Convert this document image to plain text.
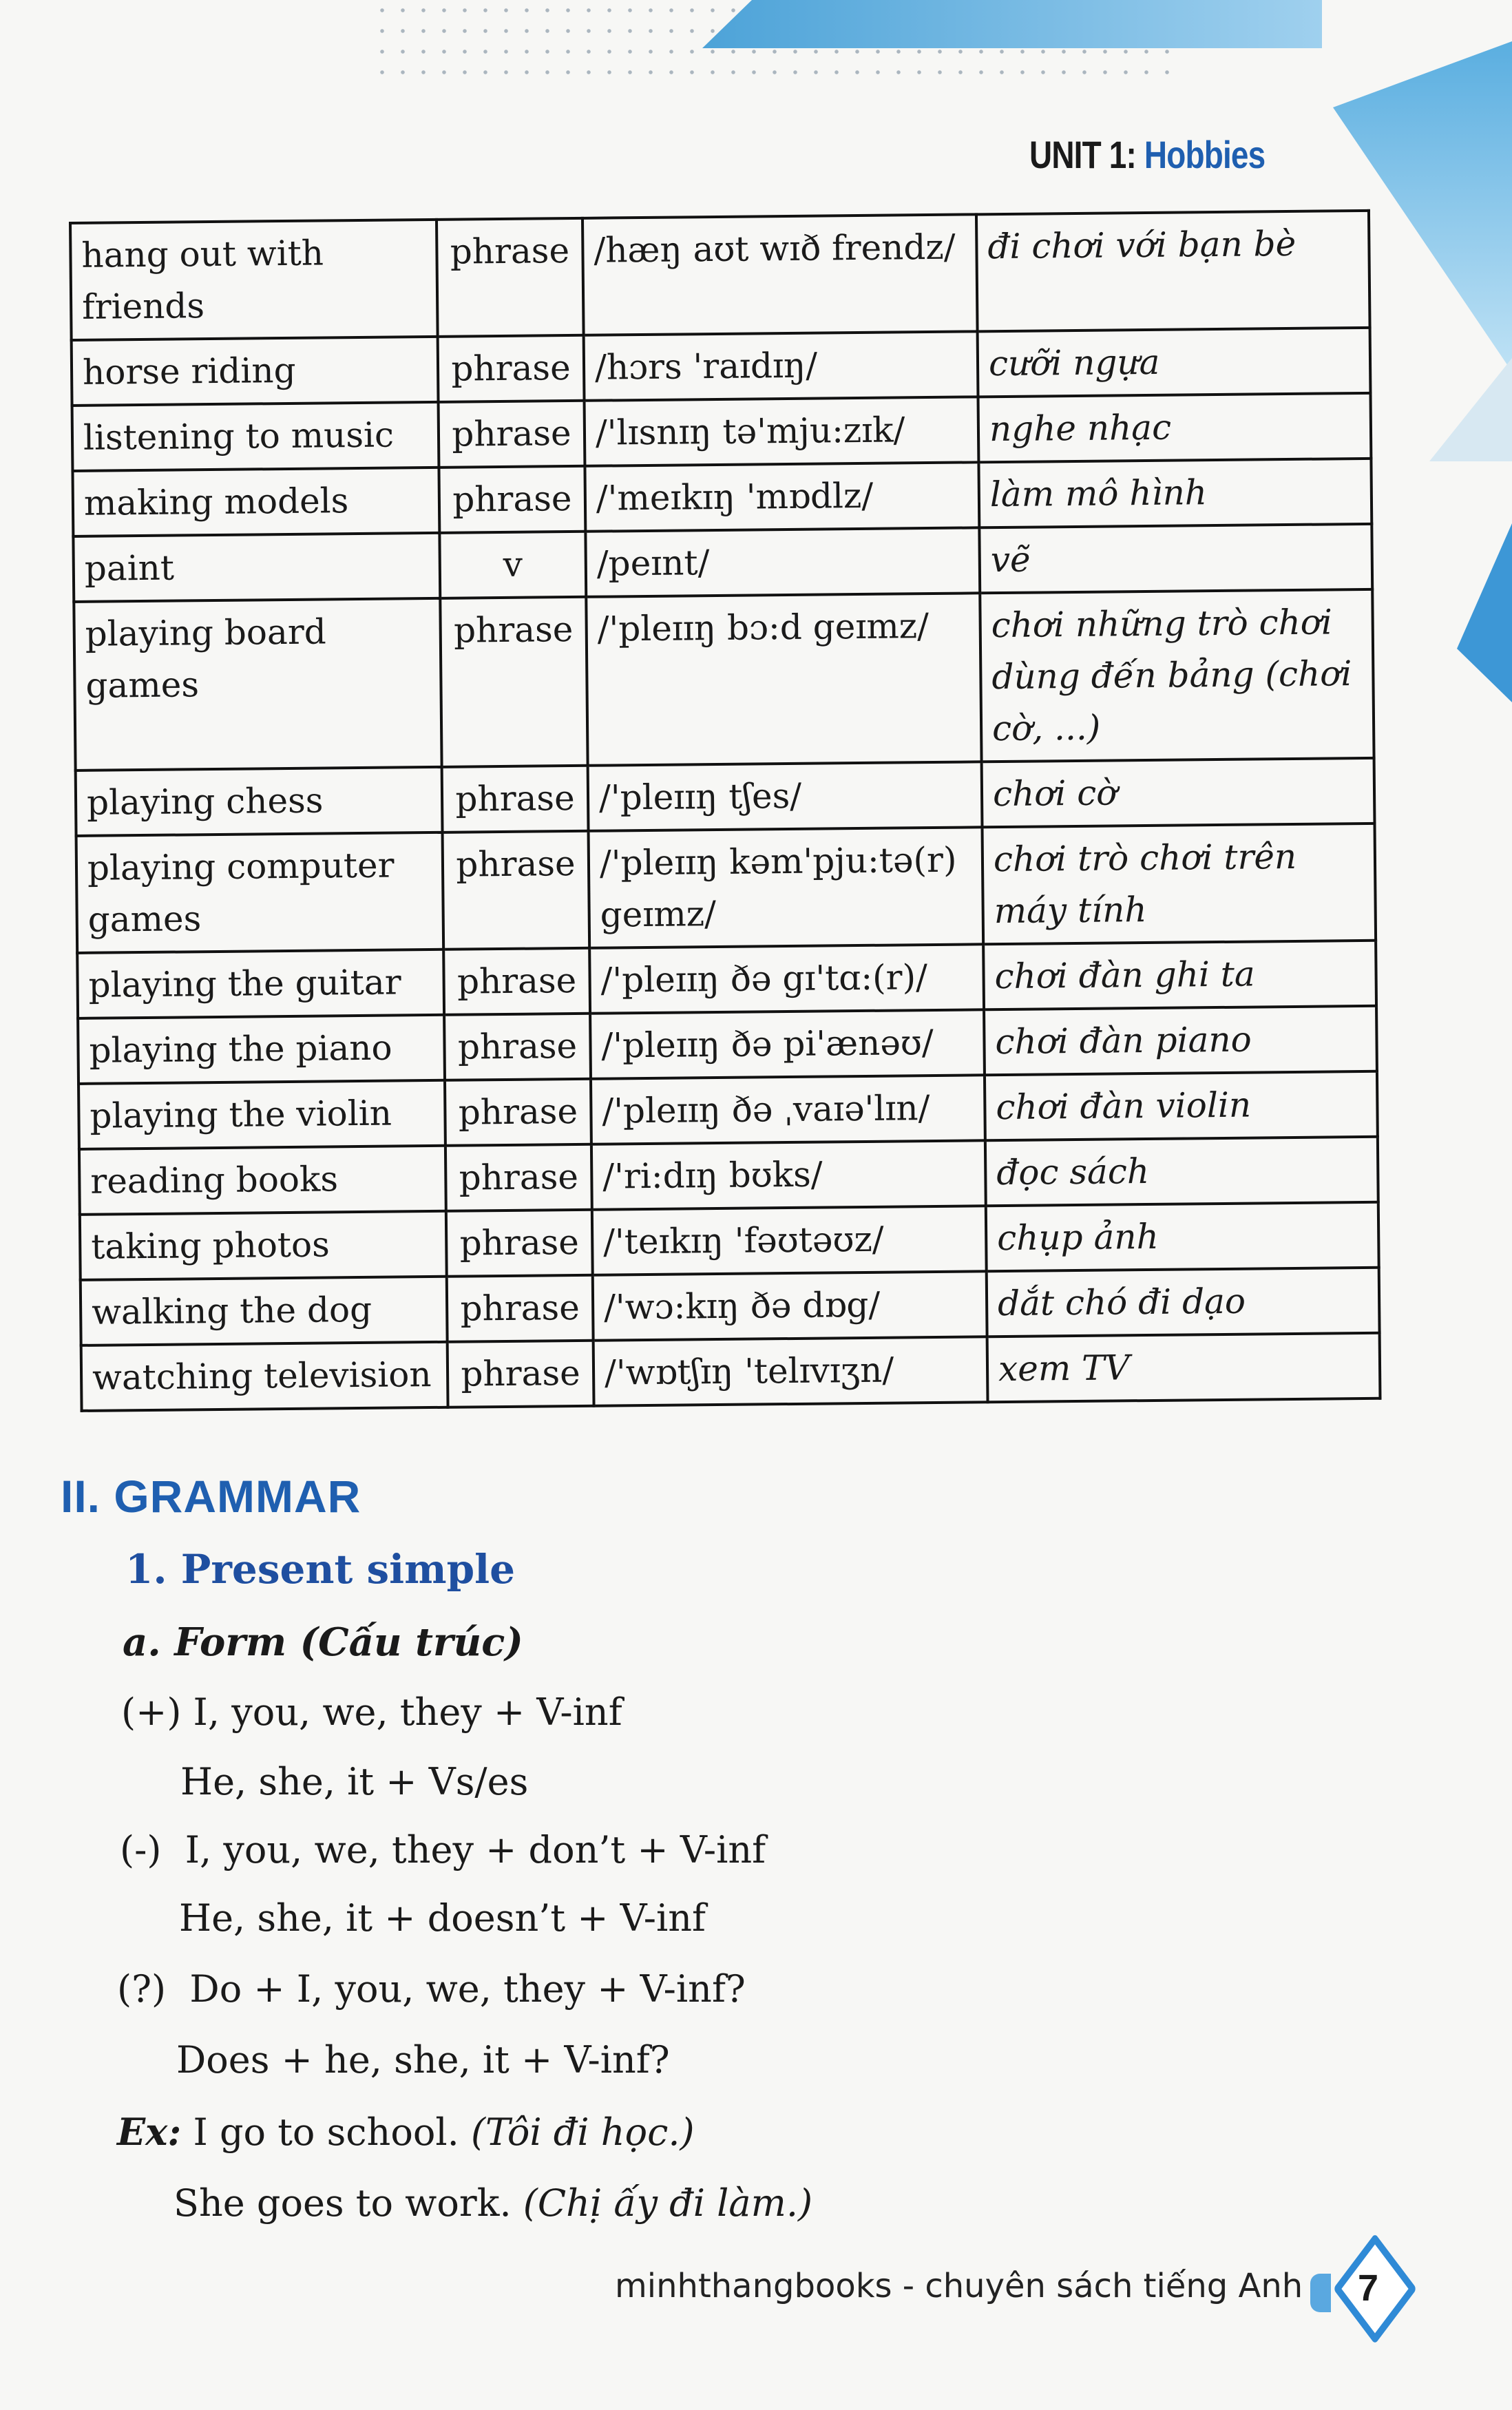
UNIT 1: Hobbies
hang out with friends	phrase	/hæŋ aʊt wɪð frendz/	đi chơi với bạn bè
horse riding	phrase	/hɔrs 'raɪdɪŋ/	cưỡi ngựa
listening to music	phrase	/'lɪsnɪŋ tə'mju:zɪk/	nghe nhạc
making models	phrase	/'meɪkɪŋ 'mɒdlz/	làm mô hình
paint	v	/peɪnt/	vẽ
playing board games	phrase	/'pleɪɪŋ bɔ:d geɪmz/	chơi những trò chơi dùng đến bảng (chơi cờ, ...)
playing chess	phrase	/'pleɪɪŋ tʃes/	chơi cờ
playing computer games	phrase	/'pleɪɪŋ kəm'pju:tə(r) geɪmz/	chơi trò chơi trên máy tính
playing the guitar	phrase	/'pleɪɪŋ ðə gɪ'tɑ:(r)/	chơi đàn ghi ta
playing the piano	phrase	/'pleɪɪŋ ðə pi'ænəʊ/	chơi đàn piano
playing the violin	phrase	/'pleɪɪŋ ðə ˌvaɪə'lɪn/	chơi đàn violin
reading books	phrase	/'ri:dɪŋ bʊks/	đọc sách
taking photos	phrase	/'teɪkɪŋ 'fəʊtəʊz/	chụp ảnh
walking the dog	phrase	/'wɔ:kɪŋ ðə dɒg/	dắt chó đi dạo
watching television	phrase	/'wɒtʃɪŋ 'telɪvɪʒn/	xem TV
II. GRAMMAR
1. Present simple
a. Form (Cấu trúc)
(+) I, you, we, they + V-inf
He, she, it + Vs/es
(-)  I, you, we, they + don’t + V-inf
He, she, it + doesn’t + V-inf
(?)  Do + I, you, we, they + V-inf?
Does + he, she, it + V-inf?
Ex: I go to school. (Tôi đi học.)
She goes to work. (Chị ấy đi làm.)
minhthangbooks - chuyên sách tiếng Anh	7
